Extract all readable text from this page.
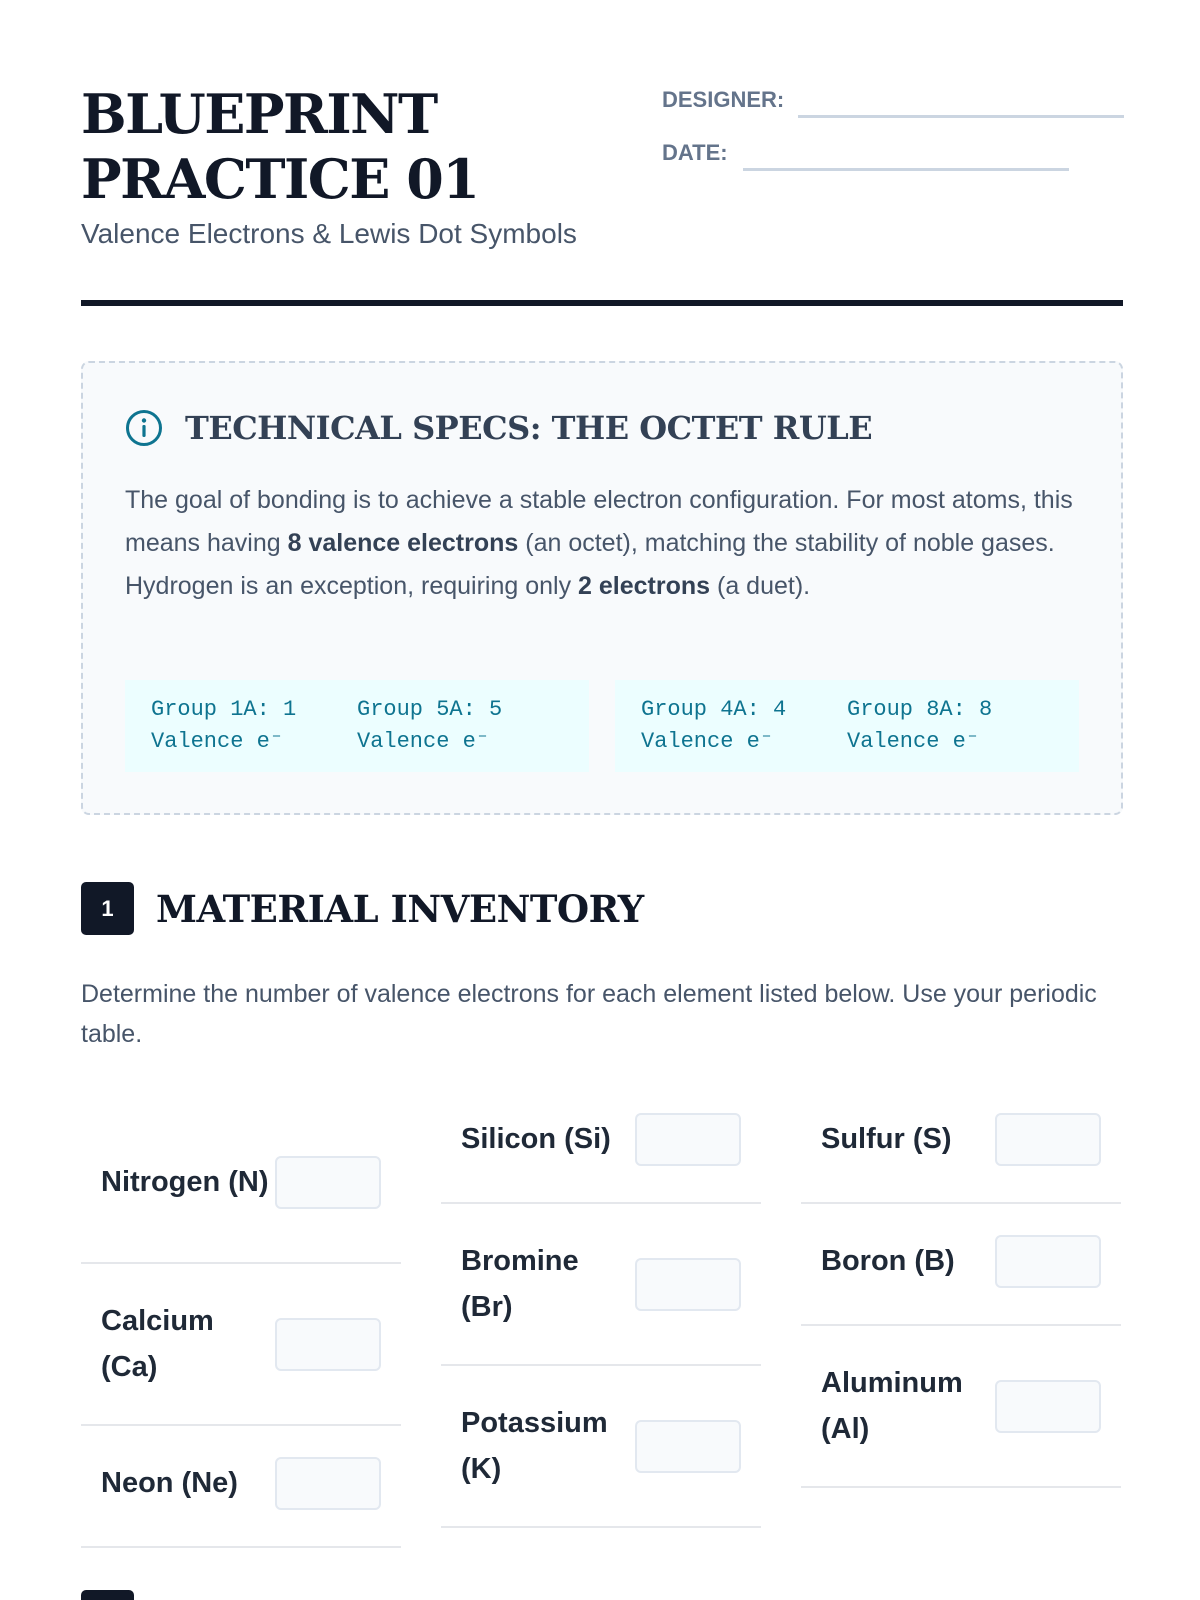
BLUEPRINT
PRACTICE 01
Valence Electrons & Lewis Dot Symbols
DESIGNER:
DATE:
TECHNICAL SPECS: THE OCTET RULE

The goal of bonding is to achieve a stable electron configuration. For most atoms, this means having 8 valence electrons (an octet), matching the stability of noble gases. Hydrogen is an exception, requiring only 2 electrons (a duet).

Group 1A: 1
Valence e⁻
Group 5A: 5
Valence e⁻
Group 4A: 4
Valence e⁻
Group 8A: 8
Valence e⁻
1	MATERIAL INVENTORY

Determine the number of valence electrons for each element listed below. Use your periodic table.

Nitrogen (N)
Calcium (Ca)
Neon (Ne)
Silicon (Si)
Bromine (Br)
Potassium (K)
Sulfur (S)
Boron (B)
Aluminum (Al)
